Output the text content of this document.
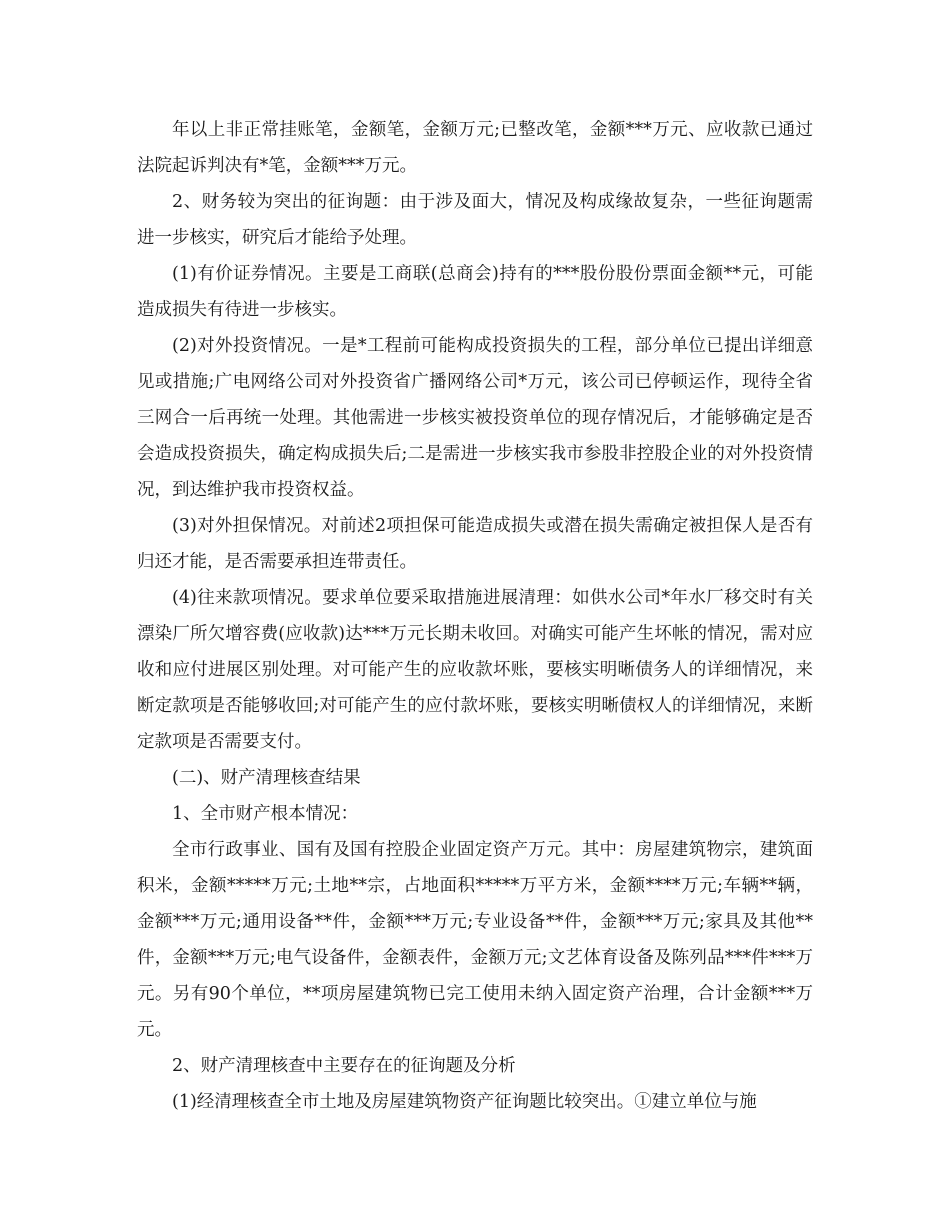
年以上非正常挂账笔，金额笔，金额万元;已整改笔，金额***万元、应收款已通过法院起诉判决有*笔，金额***万元。

2、财务较为突出的征询题：由于涉及面大，情况及构成缘故复杂，一些征询题需进一步核实，研究后才能给予处理。

(1)有价证券情况。主要是工商联(总商会)持有的***股份股份票面金额**元，可能造成损失有待进一步核实。

(2)对外投资情况。一是*工程前可能构成投资损失的工程，部分单位已提出详细意见或措施;广电网络公司对外投资省广播网络公司*万元，该公司已停顿运作，现待全省三网合一后再统一处理。其他需进一步核实被投资单位的现存情况后，才能够确定是否会造成投资损失，确定构成损失后;二是需进一步核实我市参股非控股企业的对外投资情况，到达维护我市投资权益。

(3)对外担保情况。对前述2项担保可能造成损失或潜在损失需确定被担保人是否有归还才能，是否需要承担连带责任。

(4)往来款项情况。要求单位要采取措施进展清理：如供水公司*年水厂移交时有关漂染厂所欠增容费(应收款)达***万元长期未收回。对确实可能产生坏帐的情况，需对应收和应付进展区别处理。对可能产生的应收款坏账，要核实明晰债务人的详细情况，来断定款项是否能够收回;对可能产生的应付款坏账，要核实明晰债权人的详细情况，来断定款项是否需要支付。

(二)、财产清理核查结果

1、全市财产根本情况：

全市行政事业、国有及国有控股企业固定资产万元。其中：房屋建筑物宗，建筑面积米，金额*****万元;土地**宗，占地面积*****万平方米，金额****万元;车辆**辆，金额***万元;通用设备**件，金额***万元;专业设备**件，金额***万元;家具及其他**件，金额***万元;电气设备件，金额表件，金额万元;文艺体育设备及陈列品***件***万元。另有90个单位，**项房屋建筑物已完工使用未纳入固定资产治理，合计金额***万元。

2、财产清理核查中主要存在的征询题及分析

(1)经清理核查全市土地及房屋建筑物资产征询题比较突出。①建立单位与施
